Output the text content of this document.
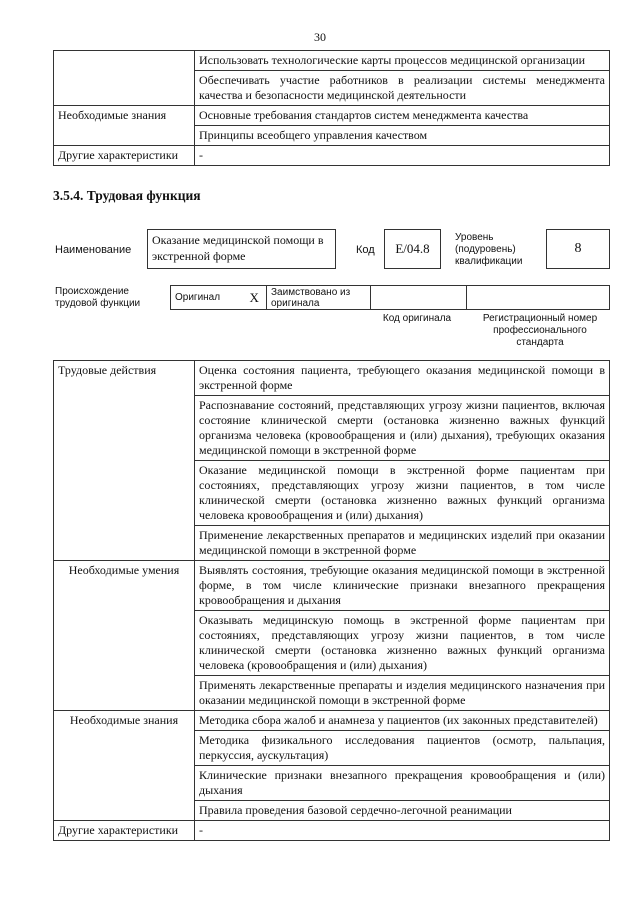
30
	Использовать технологические карты процессов медицинской организации
	Обеспечивать участие работников в реализации системы менеджмента качества и безопасности медицинской деятельности
Необходимые знания	Основные требования стандартов систем менеджмента качества
	Принципы всеобщего управления качеством
Другие характеристики	-
3.5.4. Трудовая функция
Наименование
Оказание медицинской помощи в экстренной форме	Код	E/04.8
Уровень
(подуровень)
квалификации
8
Происхождение
трудовой функции
Оригинал	X	Заимствовано из
оригинала

Код оригинала	Регистрационный номер
профессионального
стандарта
Трудовые действия	Оценка состояния пациента, требующего оказания медицинской помощи в экстренной форме
	Распознавание состояний, представляющих угрозу жизни пациентов, включая состояние клинической смерти (остановка жизненно важных функций организма человека (кровообращения и (или) дыхания), требующих оказания медицинской помощи в экстренной форме
	Оказание медицинской помощи в экстренной форме пациентам при состояниях, представляющих угрозу жизни пациентов, в том числе клинической смерти (остановка жизненно важных функций организма человека кровообращения и (или) дыхания)
	Применение лекарственных препаратов и медицинских изделий при оказании медицинской помощи в экстренной форме
Необходимые умения	Выявлять состояния, требующие оказания медицинской помощи в экстренной форме, в том числе клинические признаки внезапного прекращения кровообращения и дыхания
	Оказывать медицинскую помощь в экстренной форме пациентам при состояниях, представляющих угрозу жизни пациентов, в том числе клинической смерти (остановка жизненно важных функций организма человека (кровообращения и (или) дыхания)
	Применять лекарственные препараты и изделия медицинского назначения при оказании медицинской помощи в экстренной форме
Необходимые знания	Методика сбора жалоб и анамнеза у пациентов (их законных представителей)
	Методика физикального исследования пациентов (осмотр, пальпация, перкуссия, аускультация)
	Клинические признаки внезапного прекращения кровообращения и (или) дыхания
	Правила проведения базовой сердечно-легочной реанимации
Другие характеристики	-
